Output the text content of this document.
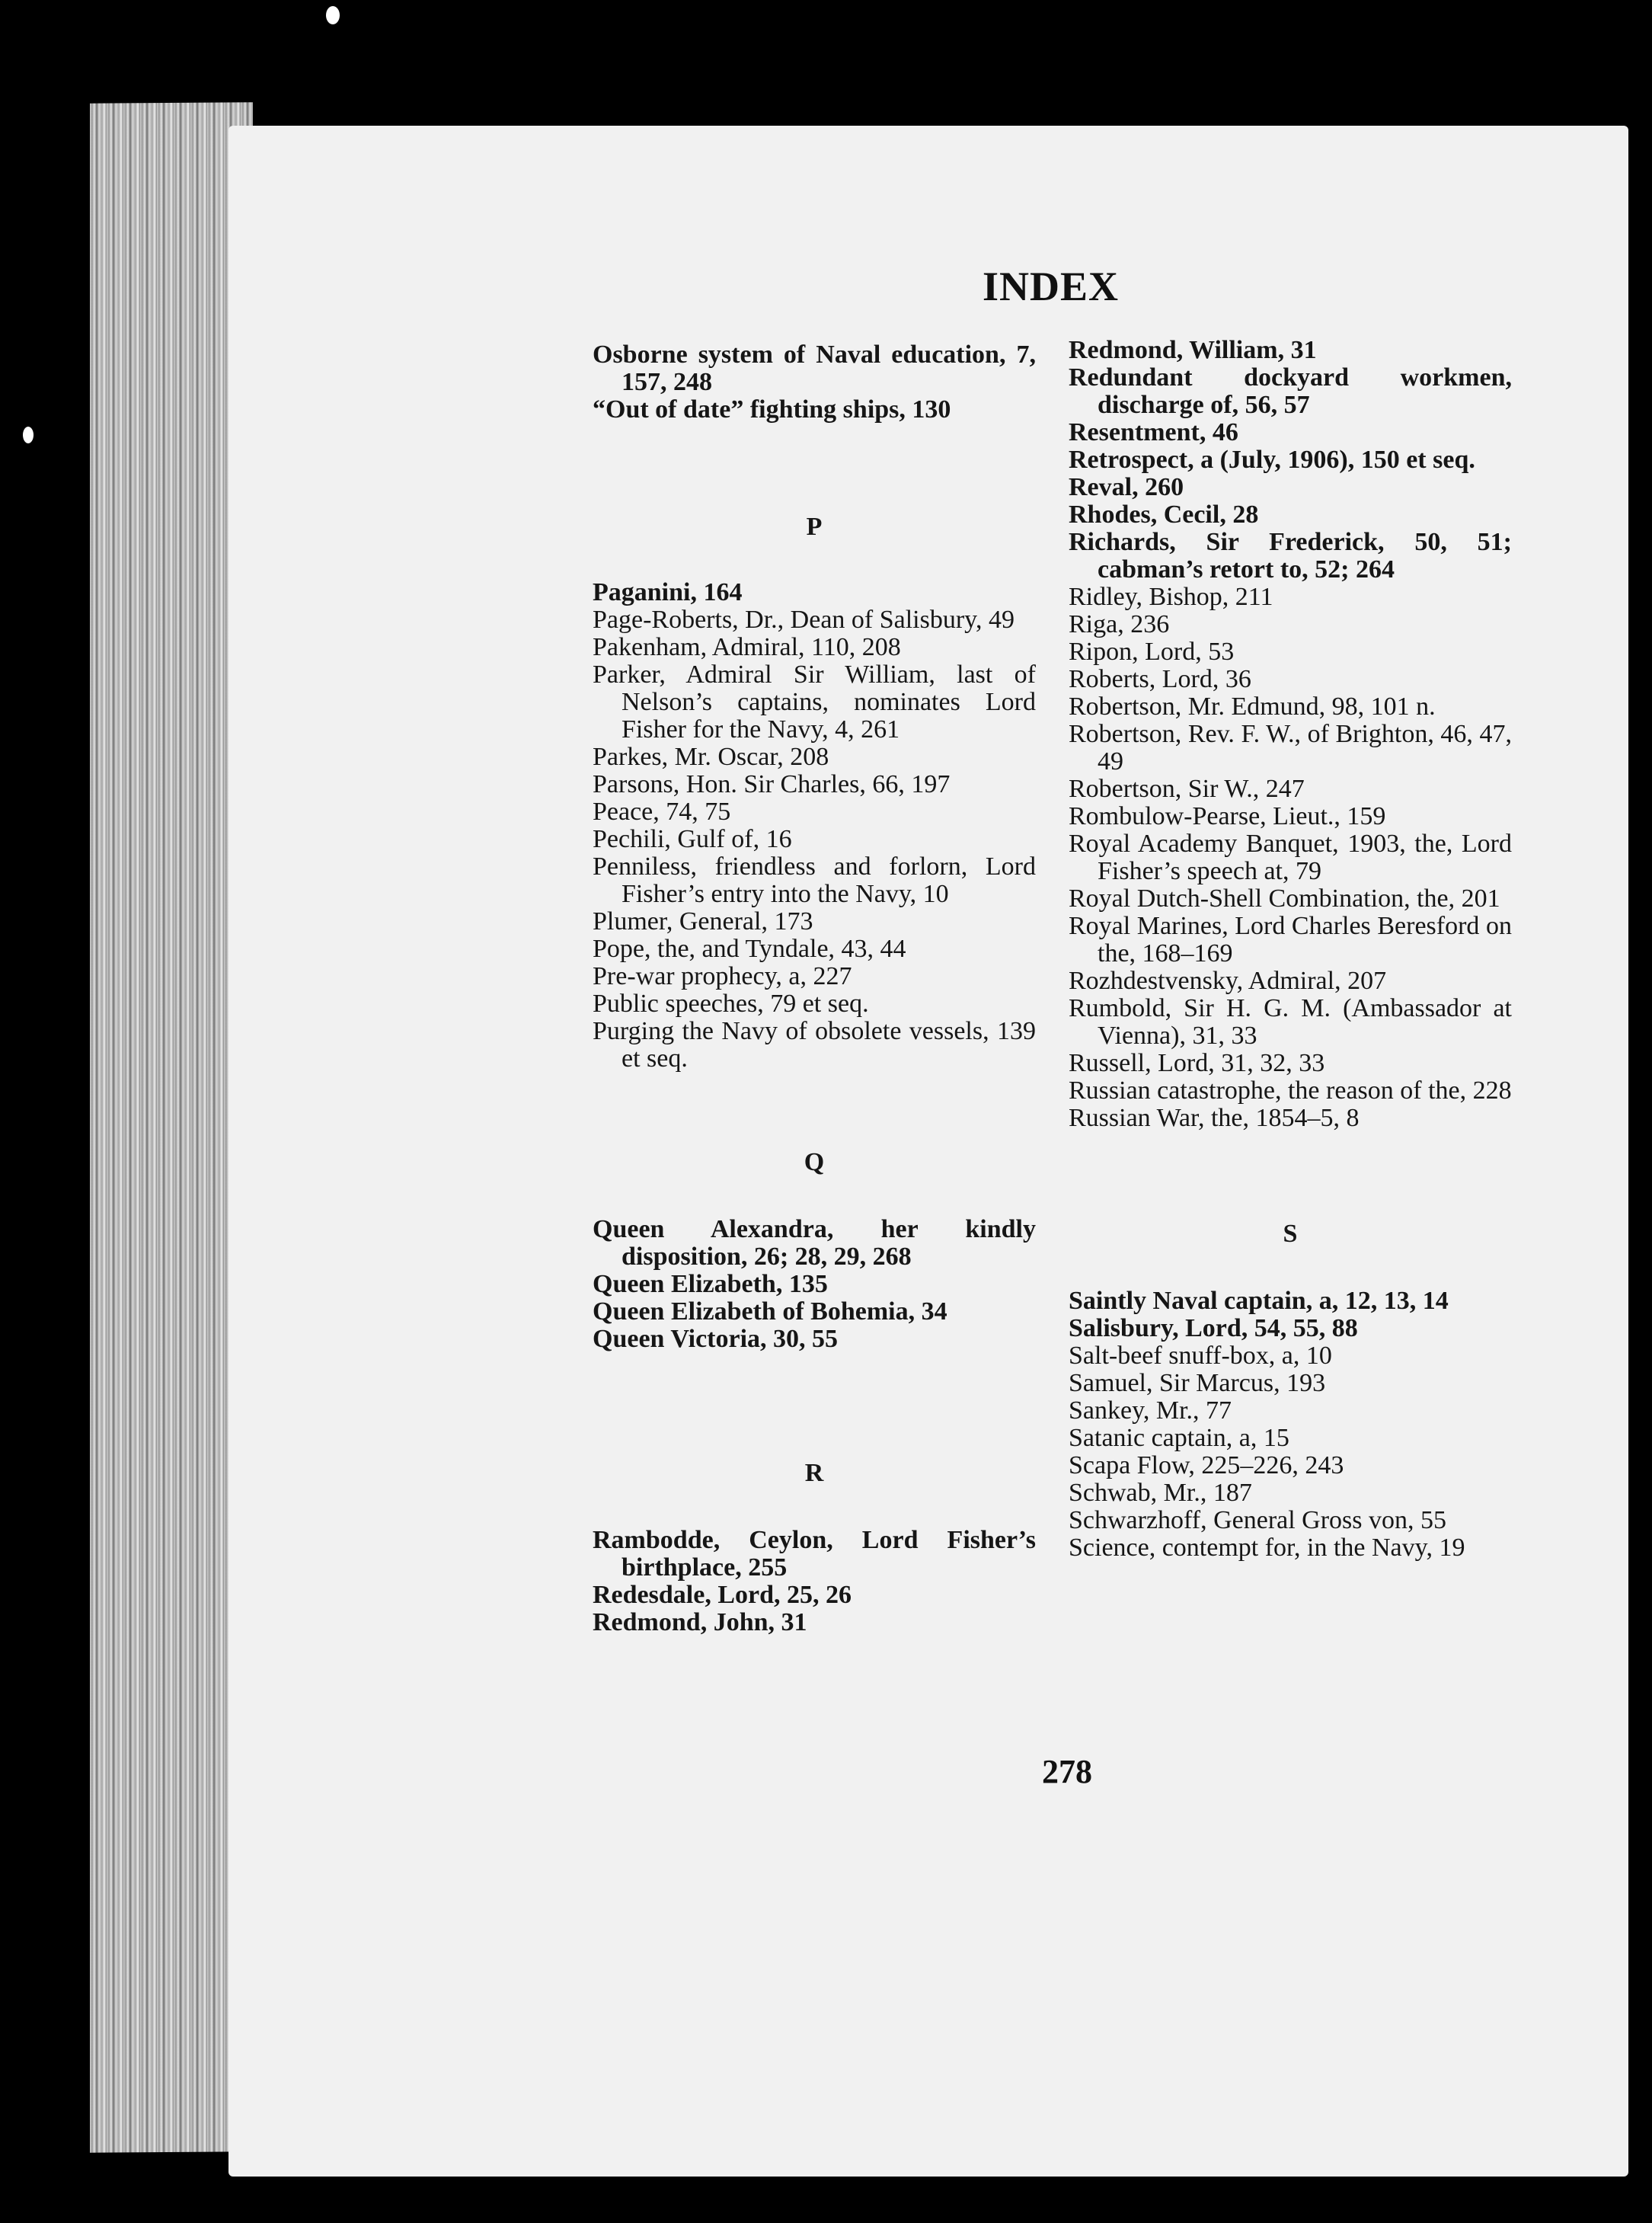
INDEX

Osborne system of Naval education, 7, 157, 248

“Out of date” fighting ships, 130

P

Paganini, 164

Page-Roberts, Dr., Dean of Salisbury, 49

Pakenham, Admiral, 110, 208

Parker, Admiral Sir William, last of Nelson’s captains, nominates Lord Fisher for the Navy, 4, 261

Parkes, Mr. Oscar, 208

Parsons, Hon. Sir Charles, 66, 197

Peace, 74, 75

Pechili, Gulf of, 16

Penniless, friendless and forlorn, Lord Fisher’s entry into the Navy, 10

Plumer, General, 173

Pope, the, and Tyndale, 43, 44

Pre-war prophecy, a, 227

Public speeches, 79 et seq.

Purging the Navy of obsolete vessels, 139 et seq.

Q

Queen Alexandra, her kindly disposition, 26; 28, 29, 268

Queen Elizabeth, 135

Queen Elizabeth of Bohemia, 34

Queen Victoria, 30, 55

R

Rambodde, Ceylon, Lord Fisher’s birthplace, 255

Redesdale, Lord, 25, 26

Redmond, John, 31

Redmond, William, 31

Redundant dockyard workmen, discharge of, 56, 57

Resentment, 46

Retrospect, a (July, 1906), 150 et seq.

Reval, 260

Rhodes, Cecil, 28

Richards, Sir Frederick, 50, 51; cabman’s retort to, 52; 264

Ridley, Bishop, 211

Riga, 236

Ripon, Lord, 53

Roberts, Lord, 36

Robertson, Mr. Edmund, 98, 101 n.

Robertson, Rev. F. W., of Brighton, 46, 47, 49

Robertson, Sir W., 247

Rombulow-Pearse, Lieut., 159

Royal Academy Banquet, 1903, the, Lord Fisher’s speech at, 79

Royal Dutch-Shell Combination, the, 201

Royal Marines, Lord Charles Beresford on the, 168–169

Rozhdestvensky, Admiral, 207

Rumbold, Sir H. G. M. (Ambassador at Vienna), 31, 33

Russell, Lord, 31, 32, 33

Russian catastrophe, the reason of the, 228

Russian War, the, 1854–5, 8

S

Saintly Naval captain, a, 12, 13, 14

Salisbury, Lord, 54, 55, 88

Salt-beef snuff-box, a, 10

Samuel, Sir Marcus, 193

Sankey, Mr., 77

Satanic captain, a, 15

Scapa Flow, 225–226, 243

Schwab, Mr., 187

Schwarzhoff, General Gross von, 55

Science, contempt for, in the Navy, 19

278
